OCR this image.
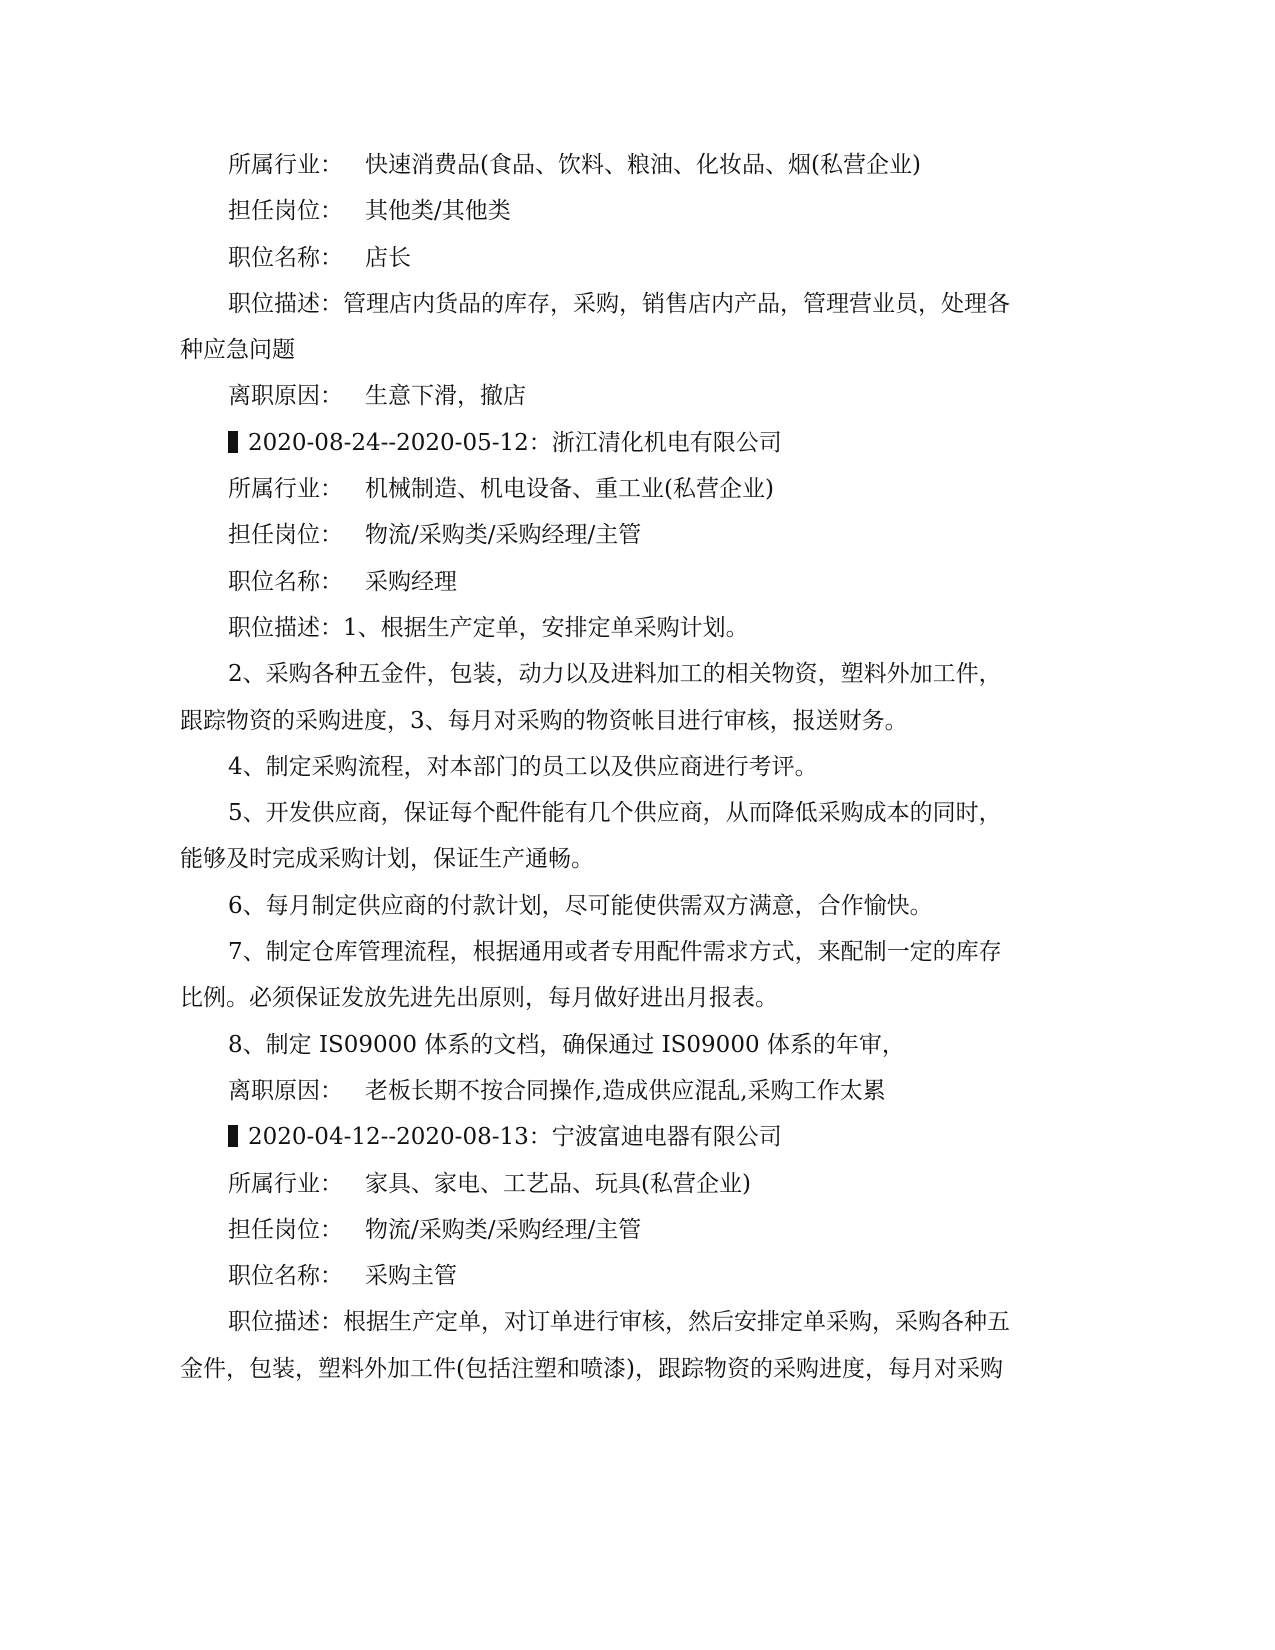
所属行业： 快速消费品(食品、饮料、粮油、化妆品、烟(私营企业)
担任岗位： 其他类/其他类
职位名称： 店长
职位描述：管理店内货品的库存，采购，销售店内产品，管理营业员，处理各
种应急问题
离职原因： 生意下滑，撤店
2020-08-24--2020-05-12：浙江清化机电有限公司
所属行业： 机械制造、机电设备、重工业(私营企业)
担任岗位： 物流/采购类/采购经理/主管
职位名称： 采购经理
职位描述：1、根据生产定单，安排定单采购计划。
2、采购各种五金件，包装，动力以及进料加工的相关物资，塑料外加工件，
跟踪物资的采购进度，3、每月对采购的物资帐目进行审核，报送财务。
4、制定采购流程，对本部门的员工以及供应商进行考评。
5、开发供应商，保证每个配件能有几个供应商，从而降低采购成本的同时，
能够及时完成采购计划，保证生产通畅。
6、每月制定供应商的付款计划，尽可能使供需双方满意，合作愉快。
7、制定仓库管理流程，根据通用或者专用配件需求方式，来配制一定的库存
比例。必须保证发放先进先出原则，每月做好进出月报表。
8、制定 IS09000 体系的文档，确保通过 IS09000 体系的年审，
离职原因： 老板长期不按合同操作,造成供应混乱,采购工作太累
2020-04-12--2020-08-13：宁波富迪电器有限公司
所属行业： 家具、家电、工艺品、玩具(私营企业)
担任岗位： 物流/采购类/采购经理/主管
职位名称： 采购主管
职位描述：根据生产定单，对订单进行审核，然后安排定单采购，采购各种五
金件，包装，塑料外加工件(包括注塑和喷漆)，跟踪物资的采购进度，每月对采购
